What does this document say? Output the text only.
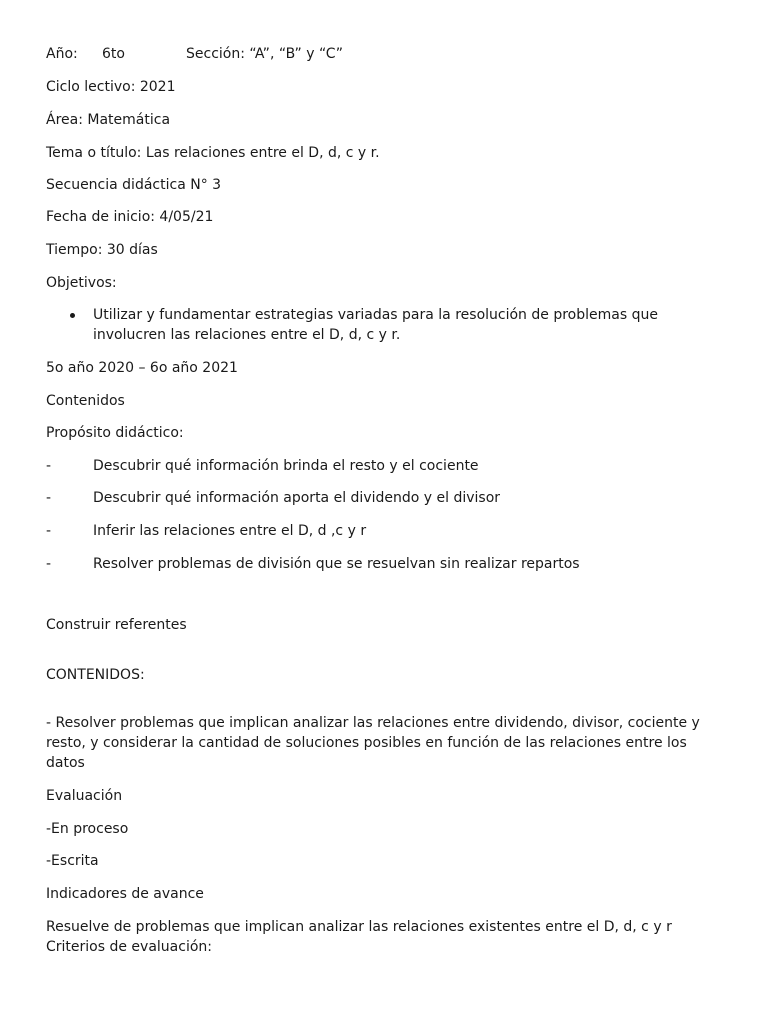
Año: 6to	Sección: “A”, “B” y “C”
Ciclo lectivo: 2021
Área: Matemática
Tema o título: Las relaciones entre el D, d, c y r.
Secuencia didáctica N° 3
Fecha de inicio: 4/05/21
Tiempo: 30 días
Objetivos:
Utilizar y fundamentar estrategias variadas para la resolución de problemas que involucren las relaciones entre el D, d, c y r.
5o año 2020 – 6o año 2021
Contenidos
Propósito didáctico:
-	Descubrir qué información brinda el resto y el cociente
-	Descubrir qué información aporta el dividendo y el divisor
-	Inferir las relaciones entre el D, d ,c y r
-	Resolver problemas de división que se resuelvan sin realizar repartos
Construir referentes
CONTENIDOS:
- Resolver problemas que implican analizar las relaciones entre dividendo, divisor, cociente y resto, y considerar la cantidad de soluciones posibles en función de las relaciones entre los datos
Evaluación
-En proceso
-Escrita
Indicadores de avance
Resuelve de problemas que implican analizar las relaciones existentes entre el D, d, c y r
Criterios de evaluación:
